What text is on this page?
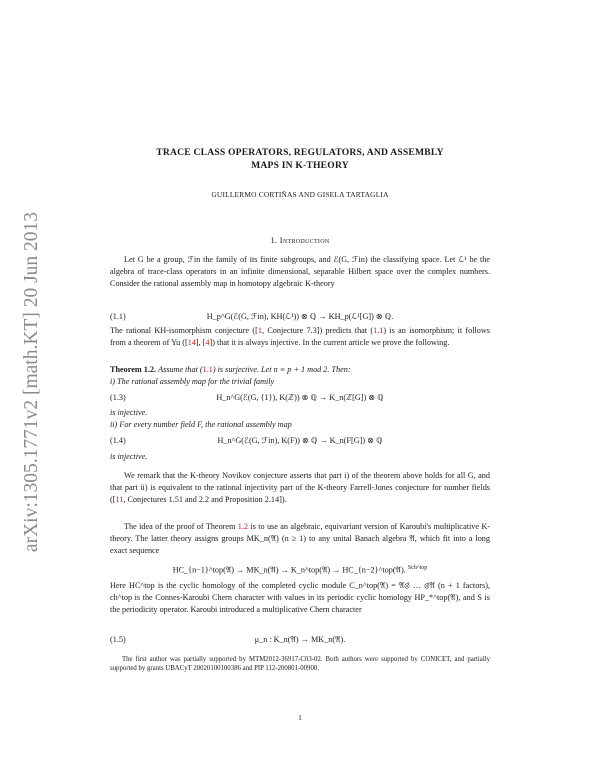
arXiv:1305.1771v2 [math.KT] 20 Jun 2013
TRACE CLASS OPERATORS, REGULATORS, AND ASSEMBLY
MAPS IN K-THEORY
GUILLERMO CORTIÑAS AND GISELA TARTAGLIA
1. Introduction

Let G be a group, ℱin the family of its finite subgroups, and ℰ(G, ℱin) the classifying space. Let ℒ¹ be the algebra of trace-class operators in an infinite dimensional, separable Hilbert space over the complex numbers. Consider the rational assembly map in homotopy algebraic K-theory

(1.1)	H_p^G(ℰ(G, ℱin), KH(ℒ¹)) ⊗ ℚ → KH_p(ℒ¹[G]) ⊗ ℚ.

The rational KH-isomorphism conjecture ([1, Conjecture 7.3]) predicts that (1.1) is an isomorphism; it follows from a theorem of Yu ([14], [4]) that it is always injective. In the current article we prove the following.

Theorem 1.2. Assume that (1.1) is surjective. Let n ≡ p + 1 mod 2. Then:

i) The rational assembly map for the trivial family

(1.3)	H_n^G(ℰ(G, {1}), K(ℤ)) ⊗ ℚ → K_n(ℤ[G]) ⊗ ℚ

is injective.

ii) For every number field F, the rational assembly map

(1.4)	H_n^G(ℰ(G, ℱin), K(F)) ⊗ ℚ → K_n(F[G]) ⊗ ℚ

is injective.

We remark that the K-theory Novikov conjecture asserts that part i) of the theorem above holds for all G, and that part ii) is equivalent to the rational injectivity part of the K-theory Farrell-Jones conjecture for number fields ([11, Conjectures 1.51 and 2.2 and Proposition 2.14]).

The idea of the proof of Theorem 1.2 is to use an algebraic, equivariant version of Karoubi's multiplicative K-theory. The latter theory assigns groups MK_n(𝔄) (n ≥ 1) to any unital Banach algebra 𝔄, which fit into a long exact sequence

HC_{n−1}^top(𝔄) → MK_n(𝔄) → K_n^top(𝔄) → HC_{n−2}^top(𝔄). $^{Sch\^{}top}$

Here HC^top is the cyclic homology of the completed cyclic module C_n^top(𝔄) = 𝔄⊗̂ … ⊗̂𝔄 (n + 1 factors), ch^top is the Connes-Karoubi Chern character with values in its periodic cyclic homology HP_*^top(𝔄), and S is the periodicity operator. Karoubi introduced a multiplicative Chern character

(1.5)	μ_n : K_n(𝔄) → MK_n(𝔄).
The first author was partially supported by MTM2012-36917-C03-02. Both authors were supported by CONICET, and partially supported by grants UBACyT 20020100100386 and PIP 112-200801-00900.
1
